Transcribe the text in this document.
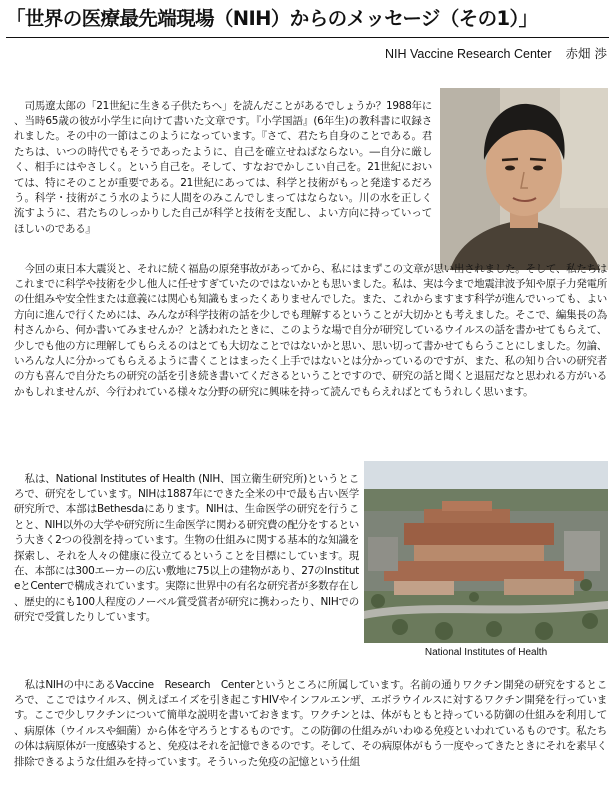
「世界の医療最先端現場（NIH）からのメッセージ（その1）」
NIH Vaccine Research Center 赤畑 渉

司馬遼太郎の「21世紀に生きる子供たちへ」を読んだことがあるでしょうか？1988年に、当時65歳の彼が小学生に向けて書いた文章です。『小学国語』(6年生)の教科書に収録されました。その中の一節はこのようになっています。『さて、君たち自身のことである。君たちは、いつの時代でもそうであったように、自己を確立せねばならない。―自分に厳しく、相手にはやさしく。という自己を。そして、すなおでかしこい自己を。21世紀においては、特にそのことが重要である。21世紀にあっては、科学と技術がもっと発達するだろう。科学・技術がこう水のように人間をのみこんでしまってはならない。川の水を正しく流すように、君たちのしっかりした自己が科学と技術を支配し、よい方向に持っていってほしいのである』

今回の東日本大震災と、それに続く福島の原発事故があってから、私にはまずこの文章が思い出されました。そして、私たちはこれまでに科学や技術を少し他人に任せすぎていたのではないかとも思いました。私は、実は今まで地震津波予知や原子力発電所の仕組みや安全性または意義には関心も知識もまったくありませんでした。また、これからますます科学が進んでいっても、よい方向に進んで行くためには、みんなが科学技術の話を少しでも理解するということが大切かとも考えました。そこで、編集長の為村さんから、何か書いてみませんか？と誘われたときに、このような場で自分が研究しているウイルスの話を書かせてもらえて、少しでも他の方に理解してもらえるのはとても大切なことではないかと思い、思い切って書かせてもらうことにしました。勿論、いろんな人に分かってもらえるように書くことはまったく上手ではないとは分かっているのですが、また、私の知り合いの研究者の方も喜んで自分たちの研究の話を引き続き書いてくださるということですので、研究の話と聞くと退屈だなと思われる方がいるかもしれませんが、今行われている様々な分野の研究に興味を持って読んでもらえればとてもうれしく思います。

私は、National Institutes of Health (NIH、国立衛生研究所)というところで、研究をしています。NIHは1887年にできた全米の中で最も古い医学研究所で、本部はBethesdaにあります。NIHは、生命医学の研究を行うことと、NIH以外の大学や研究所に生命医学に関わる研究費の配分をするという大きく2つの役割を持っています。生物の仕組みに関する基本的な知識を探索し、それを人々の健康に役立てるということを目標にしています。現在、本部には300エーカーの広い敷地に75以上の建物があり、27のInstituteとCenterで構成されています。実際に世界中の有名な研究者が多数存在し、歴史的にも100人程度のノーベル賞受賞者が研究に携わったり、NIHでの研究で受賞したりしています。

National Institutes of Health

私はNIHの中にあるVaccine　Research　Centerというところに所属しています。名前の通りワクチン開発の研究をするところで、ここではウイルス、例えばエイズを引き起こすHIVやインフルエンザ、エボラウイルスに対するワクチン開発を行っています。ここで少しワクチンについて簡単な説明を書いておきます。ワクチンとは、体がもともと持っている防御の仕組みを利用して、病原体（ウイルスや細菌）から体を守ろうとするものです。この防御の仕組みがいわゆる免疫といわれているものです。私たちの体は病原体が一度感染すると、免疫はそれを記憶できるのです。そして、その病原体がもう一度やってきたときにそれを素早く排除できるような仕組みを持っています。そういった免疫の記憶という仕組
